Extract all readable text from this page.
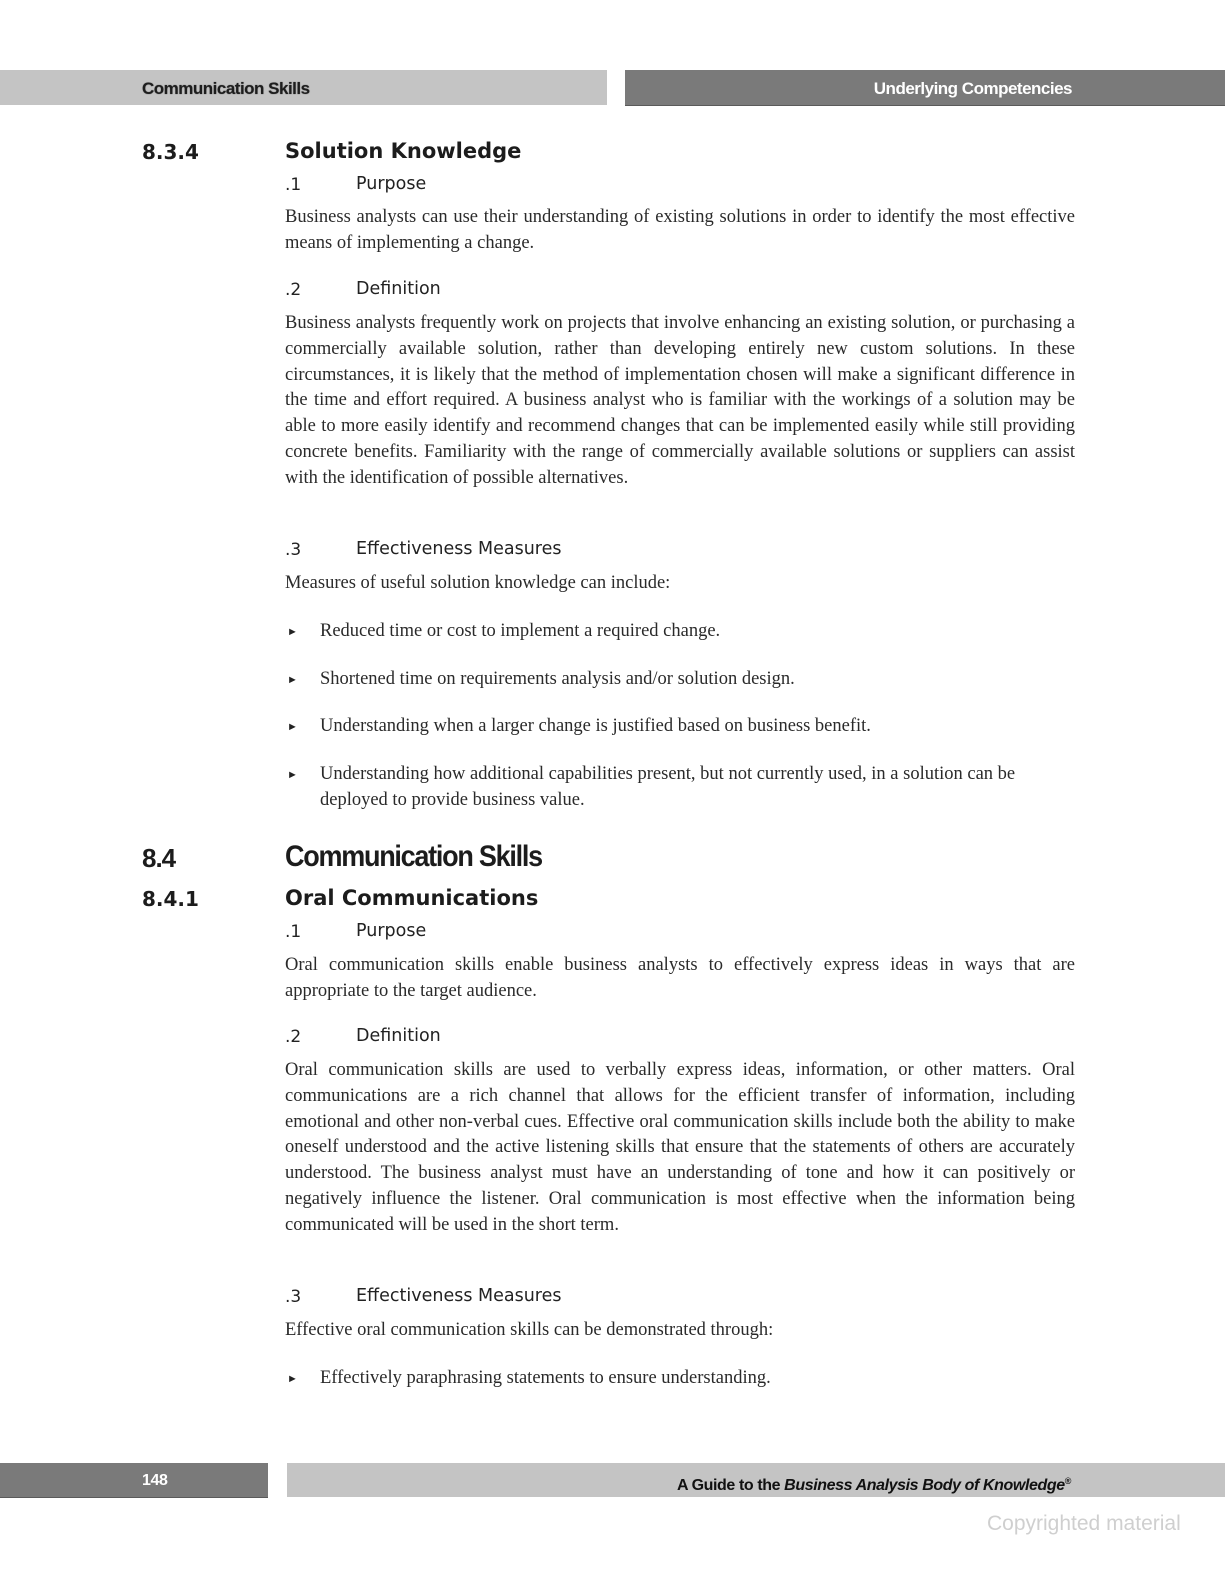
Communication Skills	Underlying Competencies
8.3.4	Solution Knowledge
.1	Purpose
Business analysts can use their understanding of existing solutions in order to identify the most effective means of implementing a change.
.2	Definition
Business analysts frequently work on projects that involve enhancing an existing solution, or purchasing a commercially available solution, rather than developing entirely new custom solutions. In these circumstances, it is likely that the method of implementation chosen will make a significant difference in the time and effort required. A business analyst who is familiar with the workings of a solution may be able to more easily identify and recommend changes that can be implemented easily while still providing concrete benefits. Familiarity with the range of commercially available solutions or suppliers can assist with the identification of possible alternatives.
.3	Effectiveness Measures
Measures of useful solution knowledge can include:
► Reduced time or cost to implement a required change.
► Shortened time on requirements analysis and/or solution design.
► Understanding when a larger change is justified based on business benefit.
► Understanding how additional capabilities present, but not currently used, in a solution can be deployed to provide business value.
8.4	Communication Skills
8.4.1	Oral Communications
.1	Purpose
Oral communication skills enable business analysts to effectively express ideas in ways that are appropriate to the target audience.
.2	Definition
Oral communication skills are used to verbally express ideas, information, or other matters. Oral communications are a rich channel that allows for the efficient transfer of information, including emotional and other non-verbal cues. Effective oral communication skills include both the ability to make oneself understood and the active listening skills that ensure that the statements of others are accurately understood. The business analyst must have an understanding of tone and how it can positively or negatively influence the listener. Oral communication is most effective when the information being communicated will be used in the short term.
.3	Effectiveness Measures
Effective oral communication skills can be demonstrated through:
► Effectively paraphrasing statements to ensure understanding.
148	A Guide to the Business Analysis Body of Knowledge®
Copyrighted material
